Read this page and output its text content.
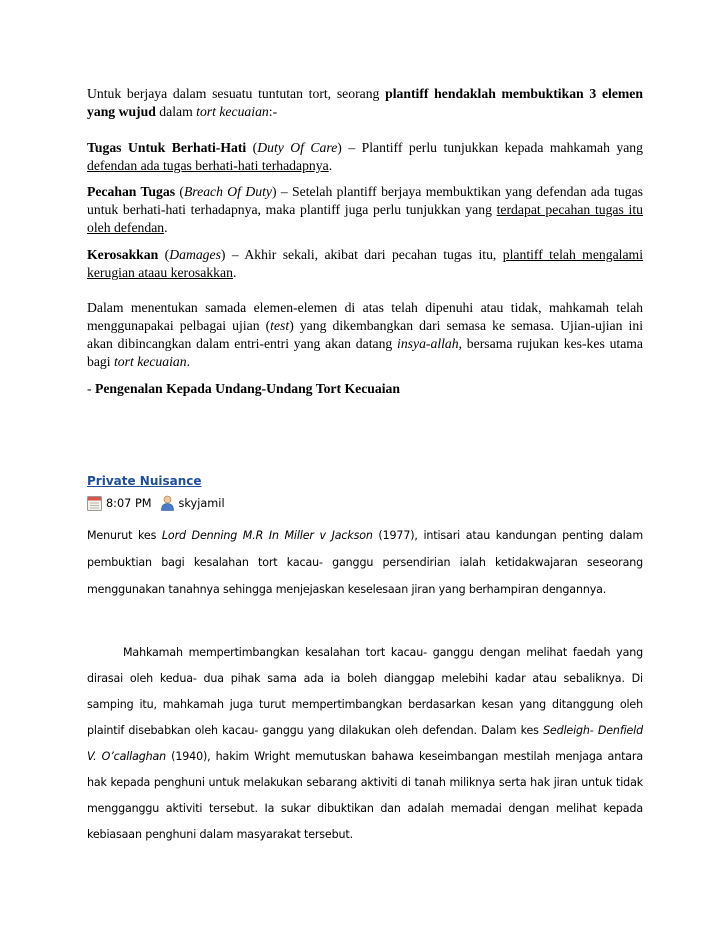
Untuk berjaya dalam sesuatu tuntutan tort, seorang plantiff hendaklah membuktikan 3 elemen yang wujud dalam tort kecuaian:-

Tugas Untuk Berhati-Hati (Duty Of Care) – Plantiff perlu tunjukkan kepada mahkamah yang defendan ada tugas berhati-hati terhadapnya.

Pecahan Tugas (Breach Of Duty) – Setelah plantiff berjaya membuktikan yang defendan ada tugas untuk berhati-hati terhadapnya, maka plantiff juga perlu tunjukkan yang terdapat pecahan tugas itu oleh defendan.

Kerosakkan (Damages) – Akhir sekali, akibat dari pecahan tugas itu, plantiff telah mengalami kerugian ataau kerosakkan.

Dalam menentukan samada elemen-elemen di atas telah dipenuhi atau tidak, mahkamah telah menggunapakai pelbagai ujian (test) yang dikembangkan dari semasa ke semasa. Ujian-ujian ini akan dibincangkan dalam entri-entri yang akan datang insya-allah, bersama rujukan kes-kes utama bagi tort kecuaian.

- Pengenalan Kepada Undang-Undang Tort Kecuaian

Private Nuisance
8:07 PM skyjamil

Menurut kes Lord Denning M.R In Miller v Jackson (1977), intisari atau kandungan penting dalam pembuktian bagi kesalahan tort kacau- ganggu persendirian ialah ketidakwajaran seseorang menggunakan tanahnya sehingga menjejaskan keselesaan jiran yang berhampiran dengannya.

Mahkamah mempertimbangkan kesalahan tort kacau- ganggu dengan melihat faedah yang dirasai oleh kedua- dua pihak sama ada ia boleh dianggap melebihi kadar atau sebaliknya. Di samping itu, mahkamah juga turut mempertimbangkan berdasarkan kesan yang ditanggung oleh plaintif disebabkan oleh kacau- ganggu yang dilakukan oleh defendan. Dalam kes Sedleigh- Denfield V. O’callaghan (1940), hakim Wright memutuskan bahawa keseimbangan mestilah menjaga antara hak kepada penghuni untuk melakukan sebarang aktiviti di tanah miliknya serta hak jiran untuk tidak mengganggu aktiviti tersebut. Ia sukar dibuktikan dan adalah memadai dengan melihat kepada kebiasaan penghuni dalam masyarakat tersebut.
